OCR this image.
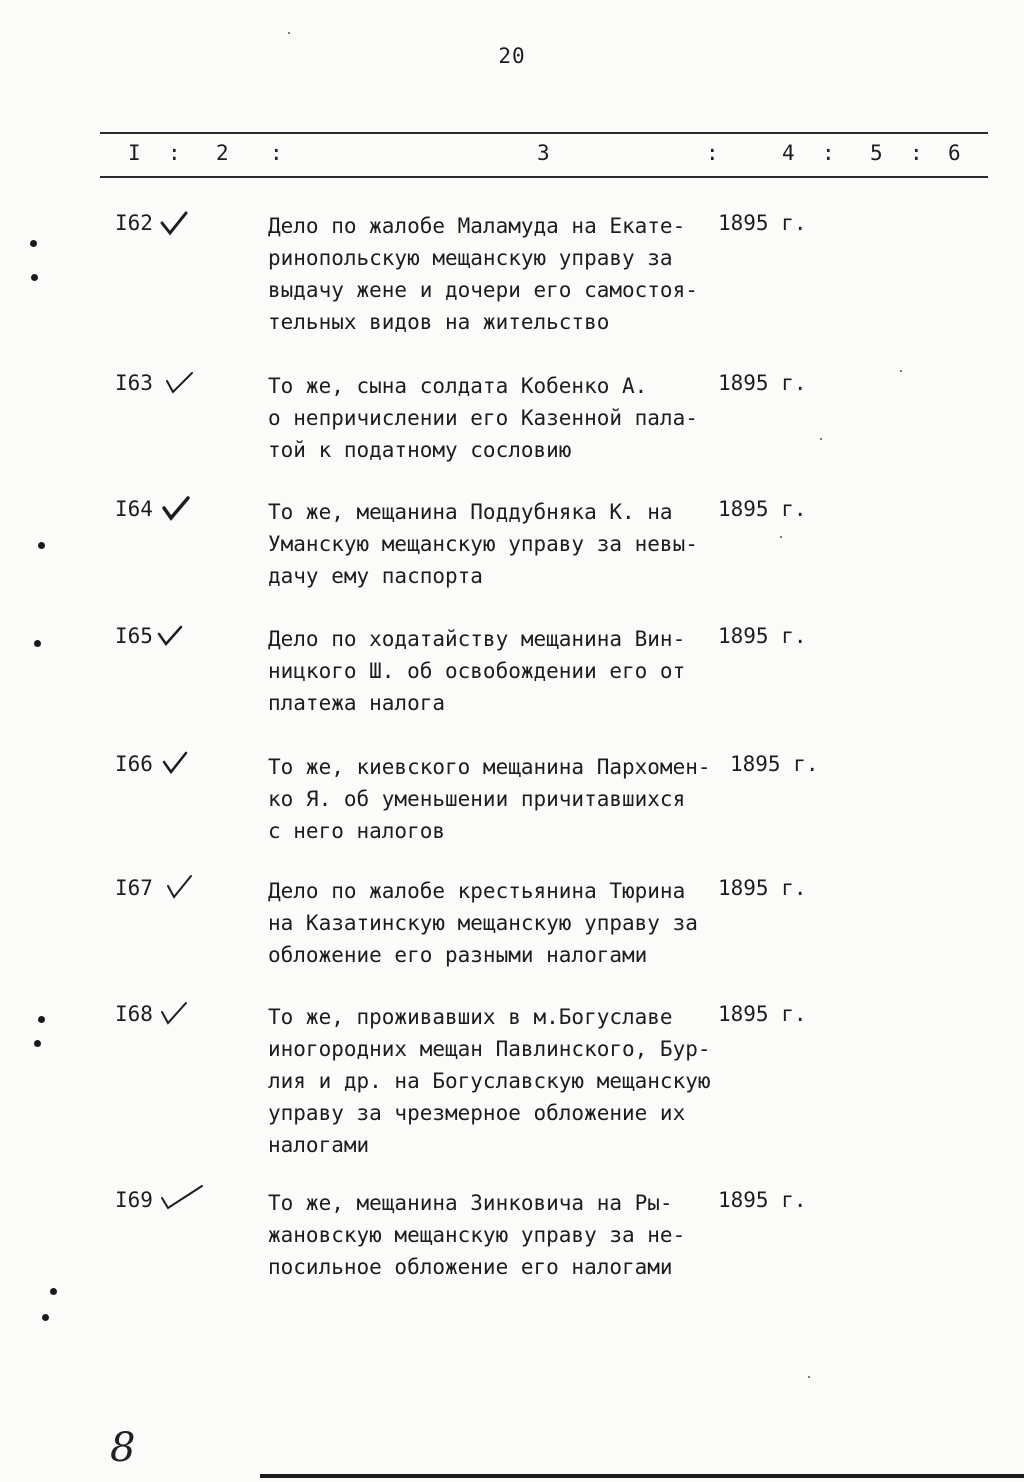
20
I : 2 :	3	:	4 : 5 : 6
I62	Дело по жалобе Маламуда на Екате-
ринопольскую мещанскую управу за
выдачу жене и дочери его самостоя-
тельных видов на жительство
1895 г.
I63	То же, сына солдата Кобенко А.
о непричислении его Казенной пала-
той к податному сословию
1895 г.
I64	То же, мещанина Поддубняка К. на
Уманскую мещанскую управу за невы-
дачу ему паспорта
1895 г.
I65	Дело по ходатайству мещанина Вин-
ницкого Ш. об освобождении его от
платежа налога
1895 г.
I66	То же, киевского мещанина Пархомен-
ко Я. об уменьшении причитавшихся
с него налогов
1895 г.
I67	Дело по жалобе крестьянина Тюрина
на Казатинскую мещанскую управу за
обложение его разными налогами
1895 г.
I68	То же, проживавших в м.Богуславе
иногородних мещан Павлинского, Бур-
лия и др. на Богуславскую мещанскую
управу за чрезмерное обложение их
налогами
1895 г.
I69	То же, мещанина Зинковича на Ры-
жановскую мещанскую управу за не-
посильное обложение его налогами
1895 г.
8
